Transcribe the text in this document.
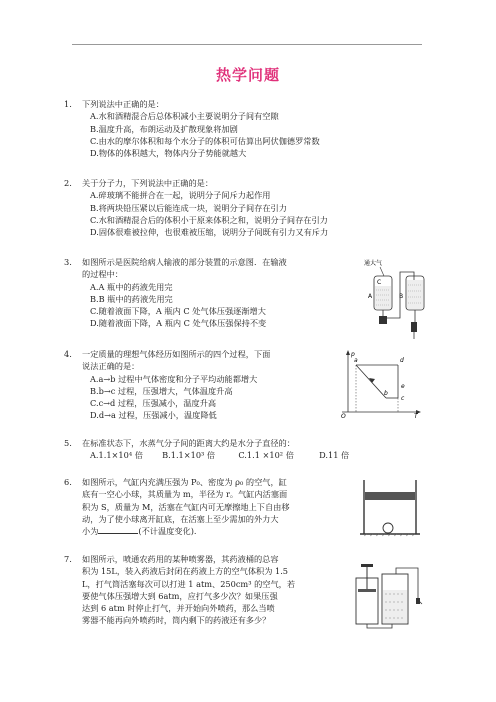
热学问题
1.	下列说法中正确的是：
A.水和酒精混合后总体积减小主要说明分子间有空隙
B.温度升高，布朗运动及扩散现象将加剧
C.由水的摩尔体积和每个水分子的体积可估算出阿伏伽德罗常数
D.物体的体积越大，物体内分子势能就越大
2.	关于分子力，下列说法中正确的是：
A.碎玻璃不能拼合在一起，说明分子间斥力起作用
B.将两块铅压紧以后能连成一块，说明分子间存在引力
C.水和酒精混合后的体积小于原来体积之和，说明分子间存在引力
D.固体很难被拉伸，也很难被压缩，说明分子间既有引力又有斥力
3.	如图所示是医院给病人输液的部分装置的示意图．在输液
的过程中：
A.A 瓶中的药液先用完
B.B 瓶中的药液先用完
C.随着液面下降，A 瓶内 C 处气体压强逐渐增大
D.随着液面下降，A 瓶内 C 处气体压强保持不变
通大气
C
A	B
4.	一定质量的理想气体经历如图所示的四个过程，下面
说法正确的是：
A.a→b 过程中气体密度和分子平均动能都增大
B.b→c 过程，压强增大，气体温度升高
C.c→d 过程，压强减小，温度升高
D.d→a 过程，压强减小，温度降低
p
T
O
a
b
c
d
e
5.	在标准状态下，水蒸气分子间的距离大约是水分子直径的：
A.1.1×10⁴ 倍 B.1.1×10³ 倍	C.1.1 ×10² 倍	D.11 倍
6.	如图所示，气缸内充满压强为 P₀、密度为 ρ₀ 的空气，缸
底有一空心小球，其质量为 m，半径为 r。气缸内活塞面
积为 S，质量为 M，活塞在气缸内可无摩擦地上下自由移
动，为了使小球离开缸底，在活塞上至少需加的外力大
小为	(不计温度变化).
7.	如图所示，喷通农药用的某种喷雾器，其药液桶的总容
积为 15L，装入药液后封闭在药液上方的空气体积为 1.5
L，打气筒活塞每次可以打进 1 atm、250cm³ 的空气，若
要使气体压强增大到 6atm，应打气多少次？如果压强
达到 6 atm 时停止打气，并开始向外喷药，那么当喷
雾器不能再向外喷药时，筒内剩下的药液还有多少？
